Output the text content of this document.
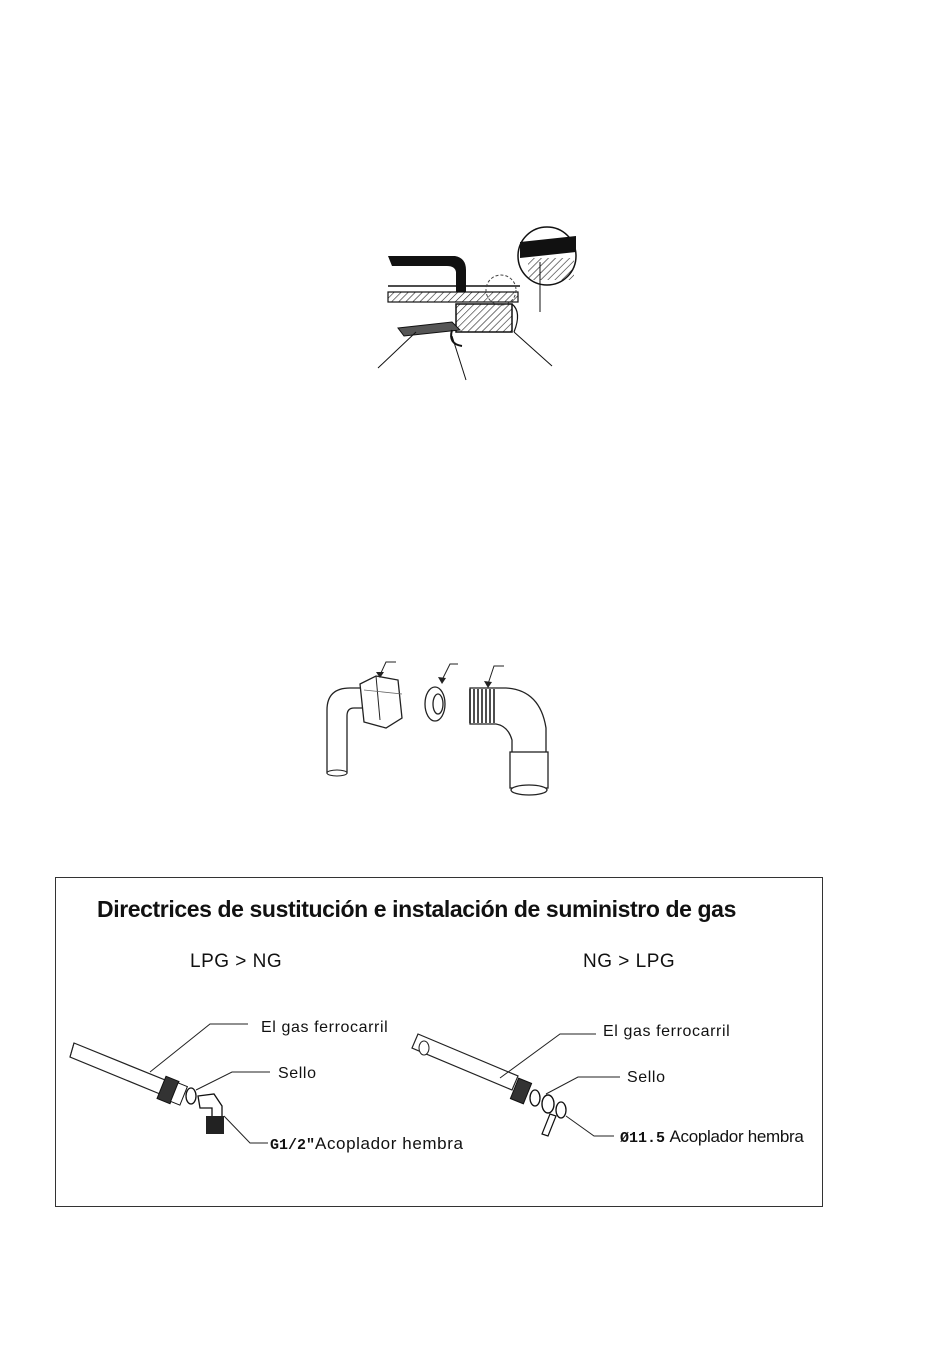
Directrices de sustitución e instalación de suministro de gas
LPG > NG	NG > LPG
El gas ferrocarril
Sello
G1/2"Acoplador hembra
El gas ferrocarril
Sello
Ø11.5 Acoplador hembra
